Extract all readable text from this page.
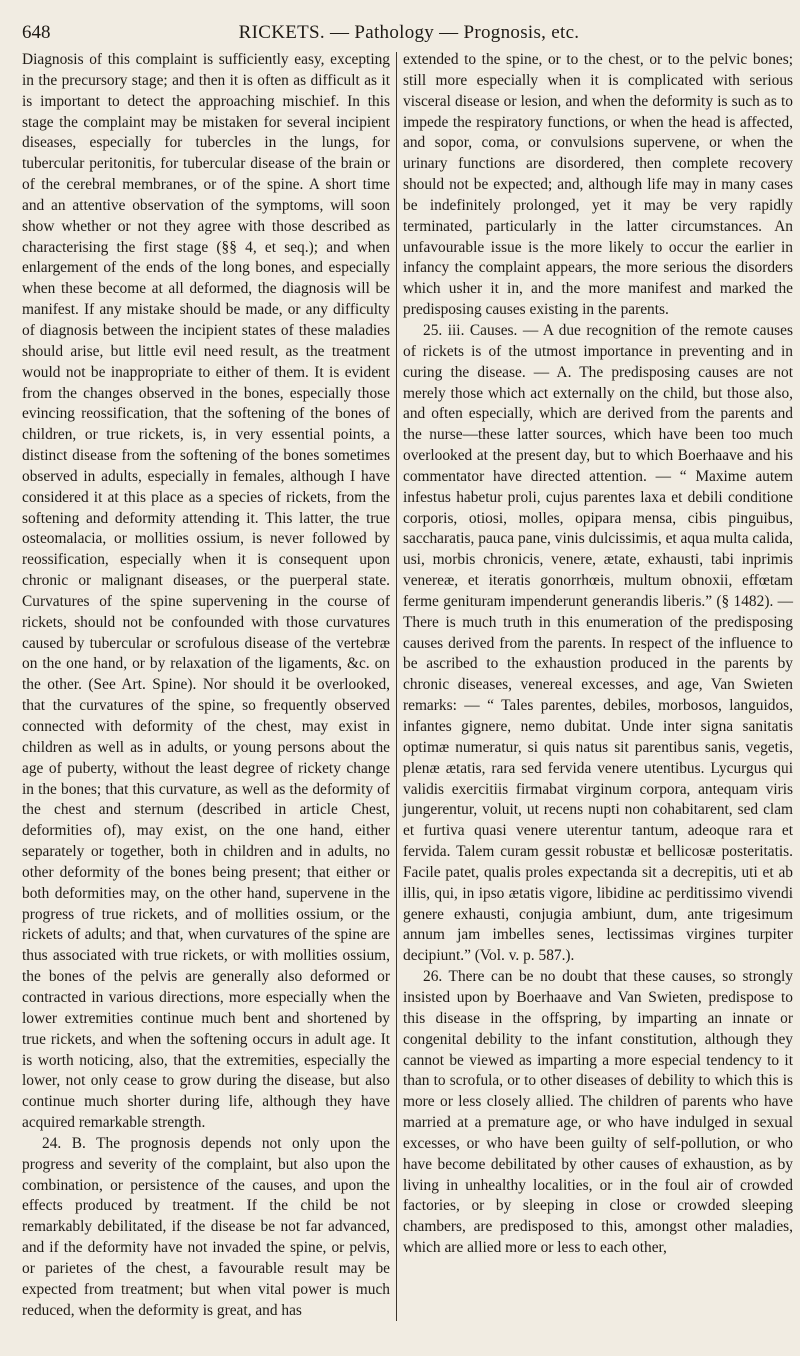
648	RICKETS. — Pathology — Prognosis, etc.

Diagnosis of this complaint is sufficiently easy, excepting in the precursory stage; and then it is often as difficult as it is important to detect the approaching mischief. In this stage the complaint may be mistaken for several incipient diseases, especially for tubercles in the lungs, for tubercular peritonitis, for tubercular disease of the brain or of the cerebral membranes, or of the spine. A short time and an attentive observation of the symptoms, will soon show whether or not they agree with those described as characterising the first stage (§§ 4, et seq.); and when enlargement of the ends of the long bones, and especially when these become at all deformed, the diagnosis will be manifest. If any mistake should be made, or any difficulty of diagnosis between the incipient states of these maladies should arise, but little evil need result, as the treatment would not be inappropriate to either of them. It is evident from the changes observed in the bones, especially those evincing reossification, that the softening of the bones of children, or true rickets, is, in very essential points, a distinct disease from the softening of the bones sometimes observed in adults, especially in females, although I have considered it at this place as a species of rickets, from the softening and deformity attending it. This latter, the true osteomalacia, or mollities ossium, is never followed by reossification, especially when it is consequent upon chronic or malignant diseases, or the puerperal state. Curvatures of the spine supervening in the course of rickets, should not be confounded with those curvatures caused by tubercular or scrofulous disease of the vertebræ on the one hand, or by relaxation of the ligaments, &c. on the other. (See Art. Spine). Nor should it be overlooked, that the curvatures of the spine, so frequently observed connected with deformity of the chest, may exist in children as well as in adults, or young persons about the age of puberty, without the least degree of rickety change in the bones; that this curvature, as well as the deformity of the chest and sternum (described in article Chest, deformities of), may exist, on the one hand, either separately or together, both in children and in adults, no other deformity of the bones being present; that either or both deformities may, on the other hand, supervene in the progress of true rickets, and of mollities ossium, or the rickets of adults; and that, when curvatures of the spine are thus associated with true rickets, or with mollities ossium, the bones of the pelvis are generally also deformed or contracted in various directions, more especially when the lower extremities continue much bent and shortened by true rickets, and when the softening occurs in adult age. It is worth noticing, also, that the extremities, especially the lower, not only cease to grow during the disease, but also continue much shorter during life, although they have acquired remarkable strength.

24. B. The prognosis depends not only upon the progress and severity of the complaint, but also upon the combination, or persistence of the causes, and upon the effects produced by treatment. If the child be not remarkably debilitated, if the disease be not far advanced, and if the deformity have not invaded the spine, or pelvis, or parietes of the chest, a favourable result may be expected from treatment; but when vital power is much reduced, when the deformity is great, and has

extended to the spine, or to the chest, or to the pelvic bones; still more especially when it is complicated with serious visceral disease or lesion, and when the deformity is such as to impede the respiratory functions, or when the head is affected, and sopor, coma, or convulsions supervene, or when the urinary functions are disordered, then complete recovery should not be expected; and, although life may in many cases be indefinitely prolonged, yet it may be very rapidly terminated, particularly in the latter circumstances. An unfavourable issue is the more likely to occur the earlier in infancy the complaint appears, the more serious the disorders which usher it in, and the more manifest and marked the predisposing causes existing in the parents.

25. iii. Causes. — A due recognition of the remote causes of rickets is of the utmost importance in preventing and in curing the disease. — A. The predisposing causes are not merely those which act externally on the child, but those also, and often especially, which are derived from the parents and the nurse—these latter sources, which have been too much overlooked at the present day, but to which Boerhaave and his commentator have directed attention. — “ Maxime autem infestus habetur proli, cujus parentes laxa et debili conditione corporis, otiosi, molles, opipara mensa, cibis pinguibus, saccharatis, pauca pane, vinis dulcissimis, et aqua multa calida, usi, morbis chronicis, venere, ætate, exhausti, tabi inprimis venereæ, et iteratis gonorrhœis, multum obnoxii, effœtam ferme genituram impenderunt generandis liberis.” (§ 1482). — There is much truth in this enumeration of the predisposing causes derived from the parents. In respect of the influence to be ascribed to the exhaustion produced in the parents by chronic diseases, venereal excesses, and age, Van Swieten remarks: — “ Tales parentes, debiles, morbosos, languidos, infantes gignere, nemo dubitat. Unde inter signa sanitatis optimæ numeratur, si quis natus sit parentibus sanis, vegetis, plenæ ætatis, rara sed fervida venere utentibus. Lycurgus qui validis exercitiis firmabat virginum corpora, antequam viris jungerentur, voluit, ut recens nupti non cohabitarent, sed clam et furtiva quasi venere uterentur tantum, adeoque rara et fervida. Talem curam gessit robustæ et bellicosæ posteritatis. Facile patet, qualis proles expectanda sit a decrepitis, uti et ab illis, qui, in ipso ætatis vigore, libidine ac perditissimo vivendi genere exhausti, conjugia ambiunt, dum, ante trigesimum annum jam imbelles senes, lectissimas virgines turpiter decipiunt.” (Vol. v. p. 587.).

26. There can be no doubt that these causes, so strongly insisted upon by Boerhaave and Van Swieten, predispose to this disease in the offspring, by imparting an innate or congenital debility to the infant constitution, although they cannot be viewed as imparting a more especial tendency to it than to scrofula, or to other diseases of debility to which this is more or less closely allied. The children of parents who have married at a premature age, or who have indulged in sexual excesses, or who have been guilty of self-pollution, or who have become debilitated by other causes of exhaustion, as by living in unhealthy localities, or in the foul air of crowded factories, or by sleeping in close or crowded sleeping chambers, are predisposed to this, amongst other maladies, which are allied more or less to each other,
